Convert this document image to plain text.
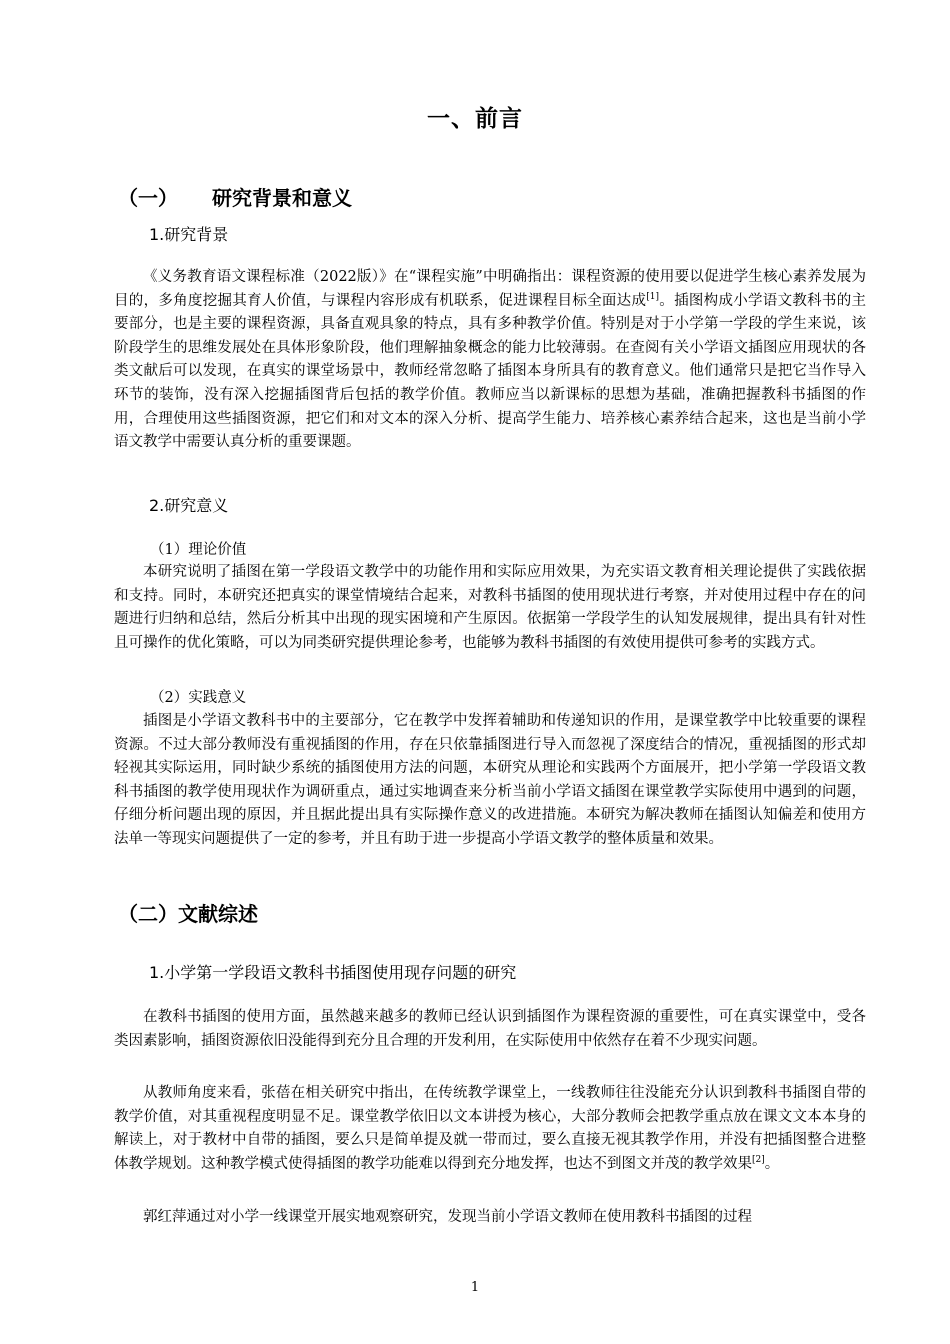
一、前言
（一） 研究背景和意义
1.研究背景

《义务教育语文课程标准（2022版）》在“课程实施”中明确指出：课程资源的使用要以促进学生核心素养发展为目的，多角度挖掘其育人价值，与课程内容形成有机联系，促进课程目标全面达成[1]。插图构成小学语文教科书的主要部分，也是主要的课程资源，具备直观具象的特点，具有多种教学价值。特别是对于小学第一学段的学生来说，该阶段学生的思维发展处在具体形象阶段，他们理解抽象概念的能力比较薄弱。在查阅有关小学语文插图应用现状的各类文献后可以发现，在真实的课堂场景中，教师经常忽略了插图本身所具有的教育意义。他们通常只是把它当作导入环节的装饰，没有深入挖掘插图背后包括的教学价值。教师应当以新课标的思想为基础，准确把握教科书插图的作用，合理使用这些插图资源，把它们和对文本的深入分析、提高学生能力、培养核心素养结合起来，这也是当前小学语文教学中需要认真分析的重要课题。

2.研究意义
（1）理论价值

本研究说明了插图在第一学段语文教学中的功能作用和实际应用效果，为充实语文教育相关理论提供了实践依据和支持。同时，本研究还把真实的课堂情境结合起来，对教科书插图的使用现状进行考察，并对使用过程中存在的问题进行归纳和总结，然后分析其中出现的现实困境和产生原因。依据第一学段学生的认知发展规律，提出具有针对性且可操作的优化策略，可以为同类研究提供理论参考，也能够为教科书插图的有效使用提供可参考的实践方式。

（2）实践意义

插图是小学语文教科书中的主要部分，它在教学中发挥着辅助和传递知识的作用，是课堂教学中比较重要的课程资源。不过大部分教师没有重视插图的作用，存在只依靠插图进行导入而忽视了深度结合的情况，重视插图的形式却轻视其实际运用，同时缺少系统的插图使用方法的问题，本研究从理论和实践两个方面展开，把小学第一学段语文教科书插图的教学使用现状作为调研重点，通过实地调查来分析当前小学语文插图在课堂教学实际使用中遇到的问题，仔细分析问题出现的原因，并且据此提出具有实际操作意义的改进措施。本研究为解决教师在插图认知偏差和使用方法单一等现实问题提供了一定的参考，并且有助于进一步提高小学语文教学的整体质量和效果。

（二）文献综述
1.小学第一学段语文教科书插图使用现存问题的研究

在教科书插图的使用方面，虽然越来越多的教师已经认识到插图作为课程资源的重要性，可在真实课堂中，受各类因素影响，插图资源依旧没能得到充分且合理的开发利用，在实际使用中依然存在着不少现实问题。

从教师角度来看，张蓓在相关研究中指出，在传统教学课堂上，一线教师往往没能充分认识到教科书插图自带的教学价值，对其重视程度明显不足。课堂教学依旧以文本讲授为核心，大部分教师会把教学重点放在课文文本本身的解读上，对于教材中自带的插图，要么只是简单提及就一带而过，要么直接无视其教学作用，并没有把插图整合进整体教学规划。这种教学模式使得插图的教学功能难以得到充分地发挥，也达不到图文并茂的教学效果[2]。

郭红萍通过对小学一线课堂开展实地观察研究，发现当前小学语文教师在使用教科书插图的过程

1
